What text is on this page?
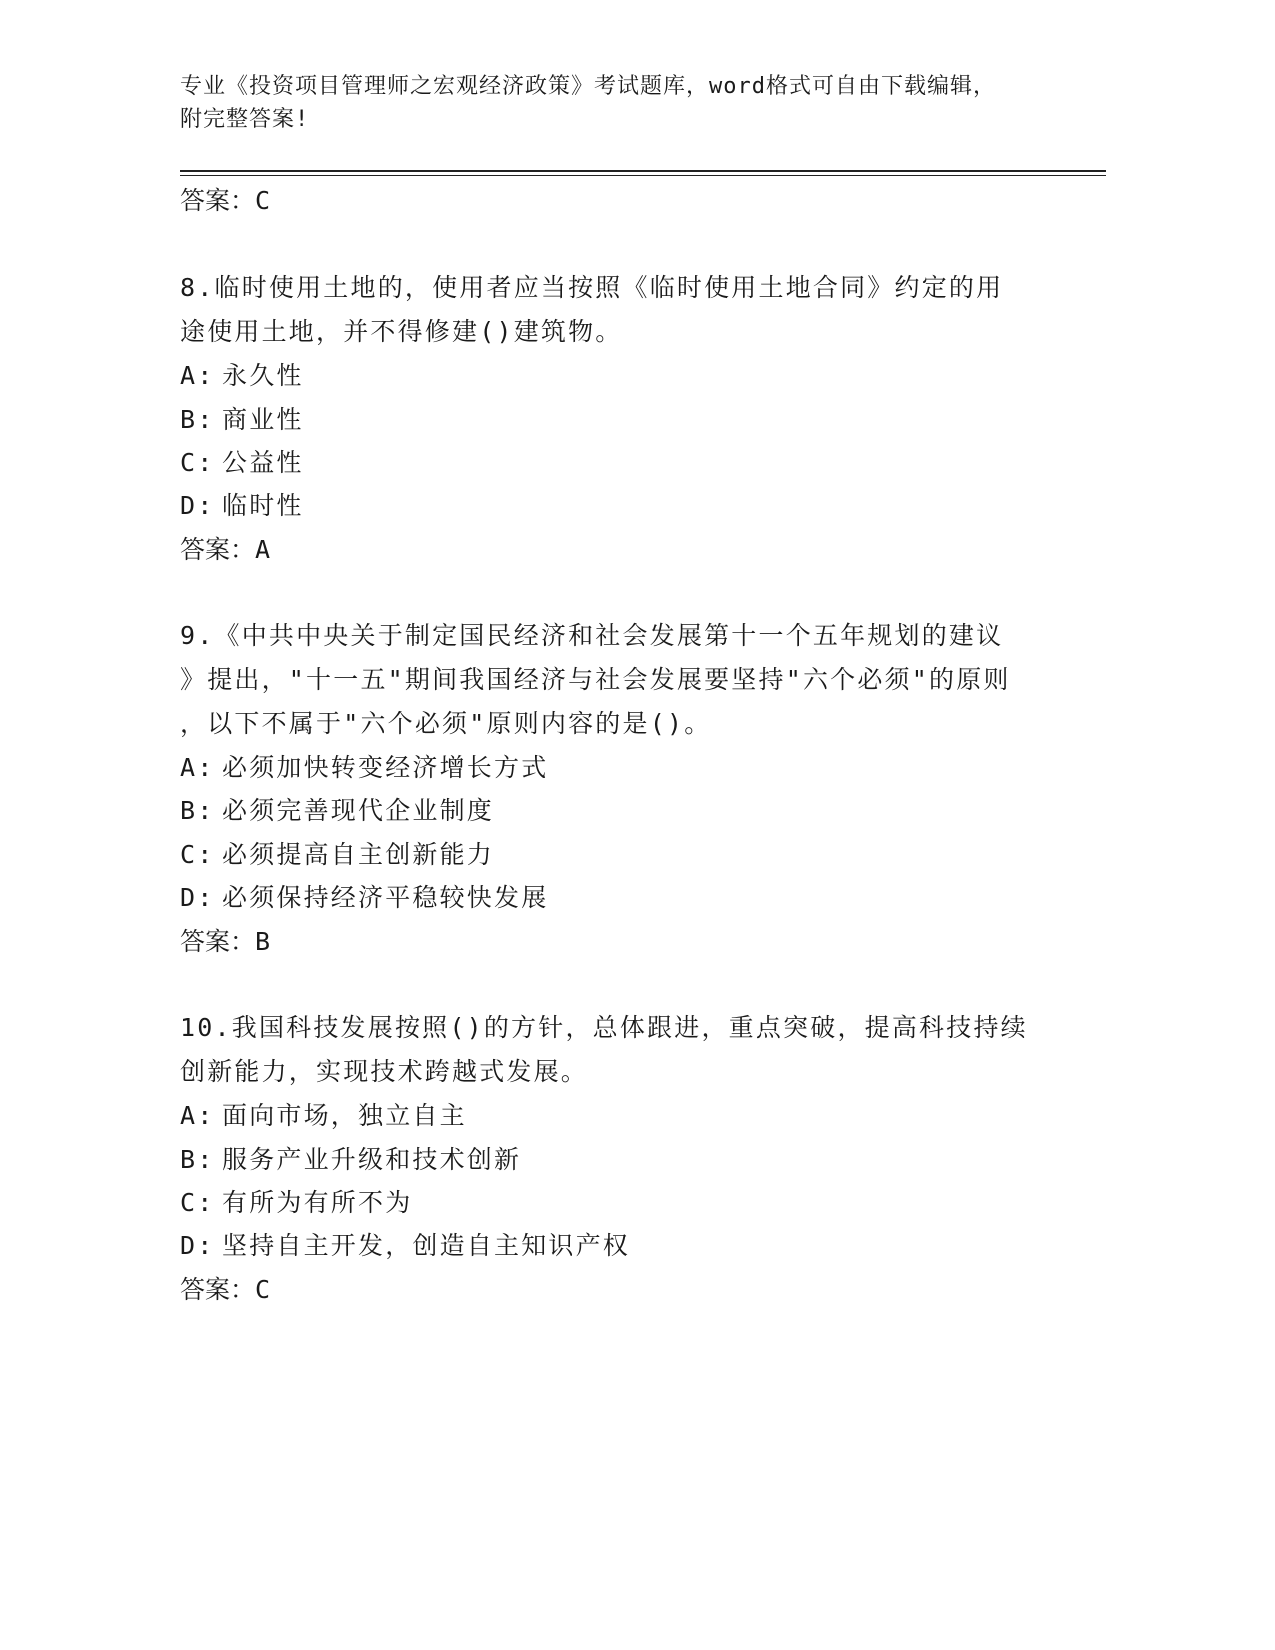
专业《投资项目管理师之宏观经济政策》考试题库，word格式可自由下载编辑，
附完整答案!
答案：C
8.临时使用土地的，使用者应当按照《临时使用土地合同》约定的用
途使用土地，并不得修建()建筑物。
A: 永久性
B: 商业性
C: 公益性
D: 临时性
答案：A
9.《中共中央关于制定国民经济和社会发展第十一个五年规划的建议
》提出，"十一五"期间我国经济与社会发展要坚持"六个必须"的原则
，以下不属于"六个必须"原则内容的是()。
A: 必须加快转变经济增长方式
B: 必须完善现代企业制度
C: 必须提高自主创新能力
D: 必须保持经济平稳较快发展
答案：B
10.我国科技发展按照()的方针，总体跟进，重点突破，提高科技持续
创新能力，实现技术跨越式发展。
A: 面向市场，独立自主
B: 服务产业升级和技术创新
C: 有所为有所不为
D: 坚持自主开发，创造自主知识产权
答案：C
